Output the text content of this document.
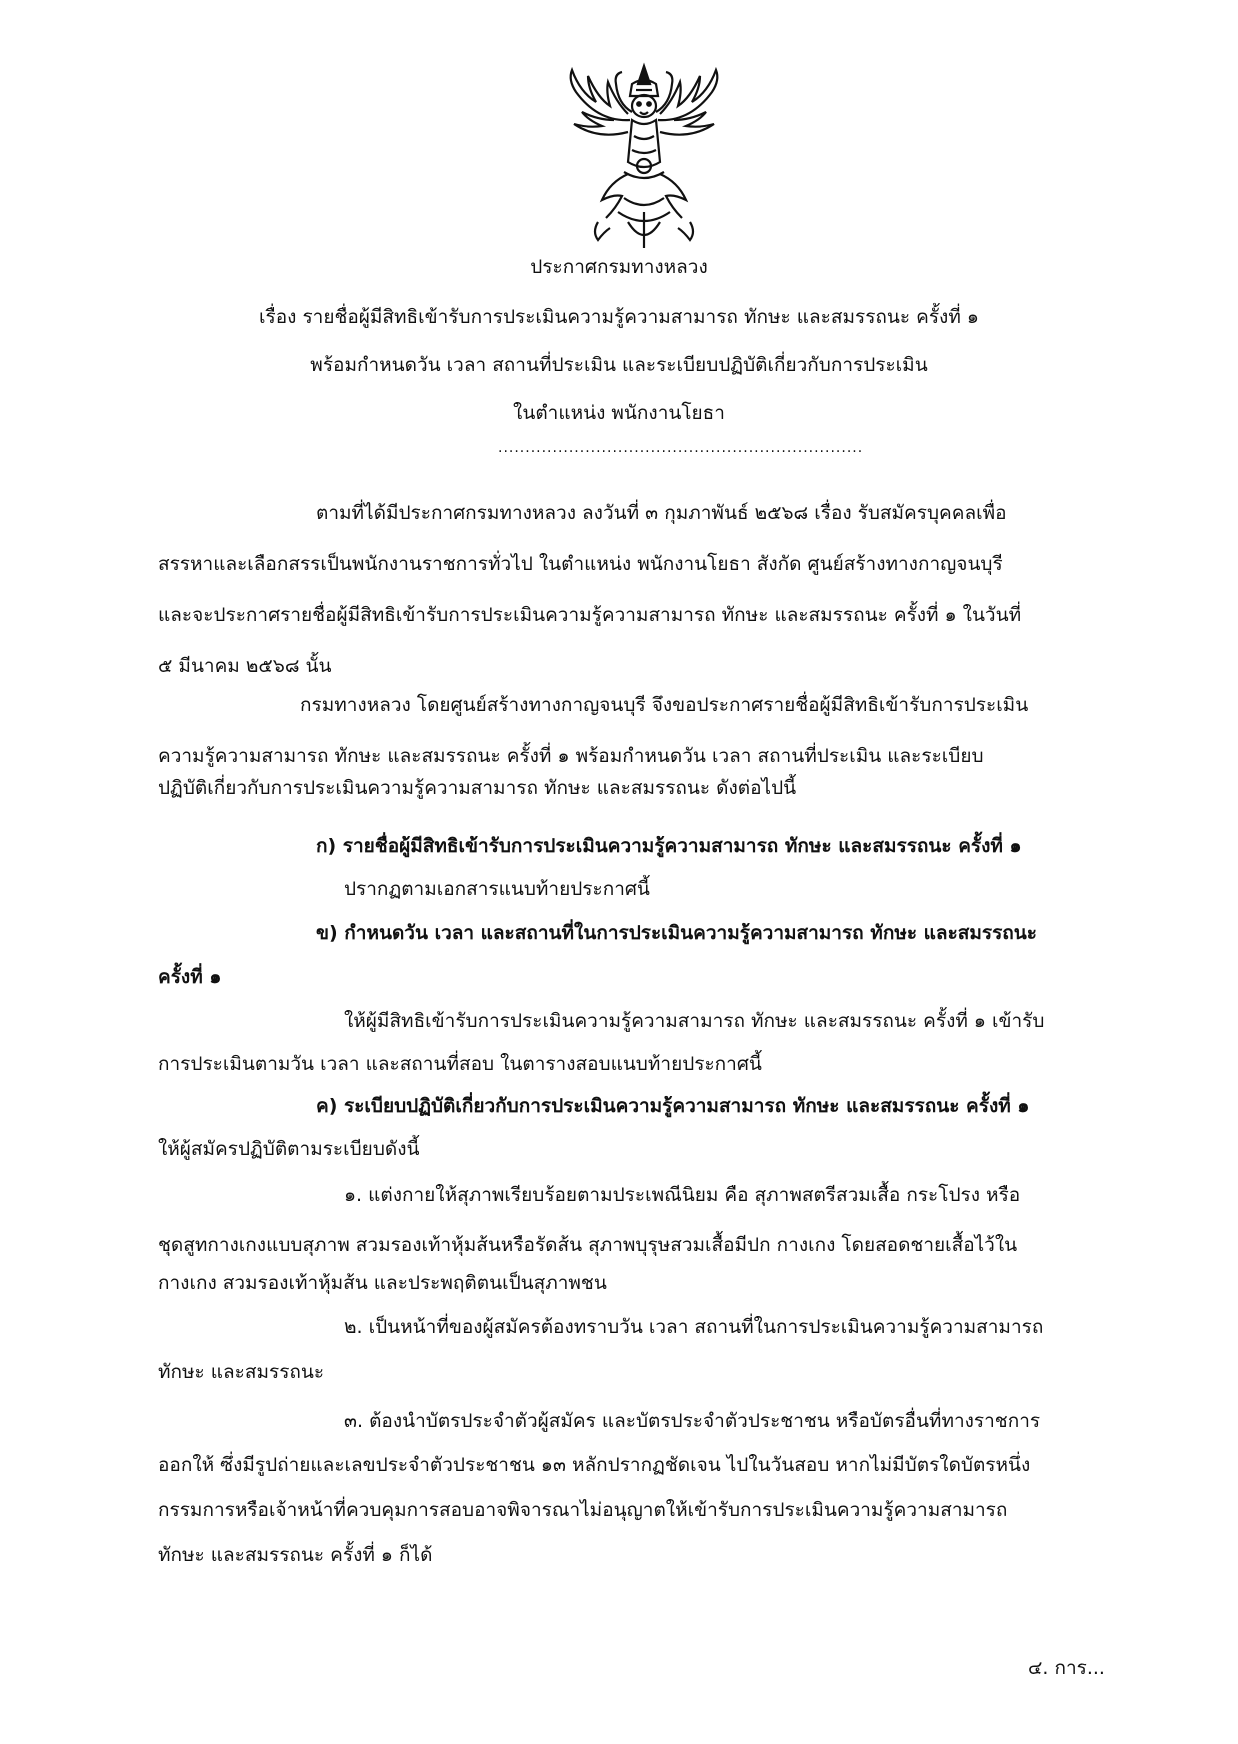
ประกาศกรมทางหลวง
เรื่อง รายชื่อผู้มีสิทธิเข้ารับการประเมินความรู้ความสามารถ ทักษะ และสมรรถนะ ครั้งที่ ๑
พร้อมกำหนดวัน เวลา สถานที่ประเมิน และระเบียบปฏิบัติเกี่ยวกับการประเมิน
ในตำแหน่ง พนักงานโยธา
...................................................................
ตามที่ได้มีประกาศกรมทางหลวง ลงวันที่ ๓ กุมภาพันธ์ ๒๕๖๘ เรื่อง รับสมัครบุคคลเพื่อ
สรรหาและเลือกสรรเป็นพนักงานราชการทั่วไป ในตำแหน่ง พนักงานโยธา สังกัด ศูนย์สร้างทางกาญจนบุรี
และจะประกาศรายชื่อผู้มีสิทธิเข้ารับการประเมินความรู้ความสามารถ ทักษะ และสมรรถนะ ครั้งที่ ๑ ในวันที่
๕ มีนาคม ๒๕๖๘ นั้น
กรมทางหลวง โดยศูนย์สร้างทางกาญจนบุรี จึงขอประกาศรายชื่อผู้มีสิทธิเข้ารับการประเมิน
ความรู้ความสามารถ ทักษะ และสมรรถนะ ครั้งที่ ๑ พร้อมกำหนดวัน เวลา สถานที่ประเมิน และระเบียบ
ปฏิบัติเกี่ยวกับการประเมินความรู้ความสามารถ ทักษะ และสมรรถนะ ดังต่อไปนี้
ก) รายชื่อผู้มีสิทธิเข้ารับการประเมินความรู้ความสามารถ ทักษะ และสมรรถนะ ครั้งที่ ๑
ปรากฏตามเอกสารแนบท้ายประกาศนี้
ข) กำหนดวัน เวลา และสถานที่ในการประเมินความรู้ความสามารถ ทักษะ และสมรรถนะ
ครั้งที่ ๑
ให้ผู้มีสิทธิเข้ารับการประเมินความรู้ความสามารถ ทักษะ และสมรรถนะ ครั้งที่ ๑ เข้ารับ
การประเมินตามวัน เวลา และสถานที่สอบ ในตารางสอบแนบท้ายประกาศนี้
ค) ระเบียบปฏิบัติเกี่ยวกับการประเมินความรู้ความสามารถ ทักษะ และสมรรถนะ ครั้งที่ ๑
ให้ผู้สมัครปฏิบัติตามระเบียบดังนี้
๑. แต่งกายให้สุภาพเรียบร้อยตามประเพณีนิยม คือ สุภาพสตรีสวมเสื้อ กระโปรง หรือ
ชุดสูทกางเกงแบบสุภาพ สวมรองเท้าหุ้มส้นหรือรัดส้น สุภาพบุรุษสวมเสื้อมีปก กางเกง โดยสอดชายเสื้อไว้ใน
กางเกง สวมรองเท้าหุ้มส้น และประพฤติตนเป็นสุภาพชน
๒. เป็นหน้าที่ของผู้สมัครต้องทราบวัน เวลา สถานที่ในการประเมินความรู้ความสามารถ
ทักษะ และสมรรถนะ
๓. ต้องนำบัตรประจำตัวผู้สมัคร และบัตรประจำตัวประชาชน หรือบัตรอื่นที่ทางราชการ
ออกให้ ซึ่งมีรูปถ่ายและเลขประจำตัวประชาชน ๑๓ หลักปรากฏชัดเจน ไปในวันสอบ หากไม่มีบัตรใดบัตรหนึ่ง
กรรมการหรือเจ้าหน้าที่ควบคุมการสอบอาจพิจารณาไม่อนุญาตให้เข้ารับการประเมินความรู้ความสามารถ
ทักษะ และสมรรถนะ ครั้งที่ ๑ ก็ได้
๔. การ...
